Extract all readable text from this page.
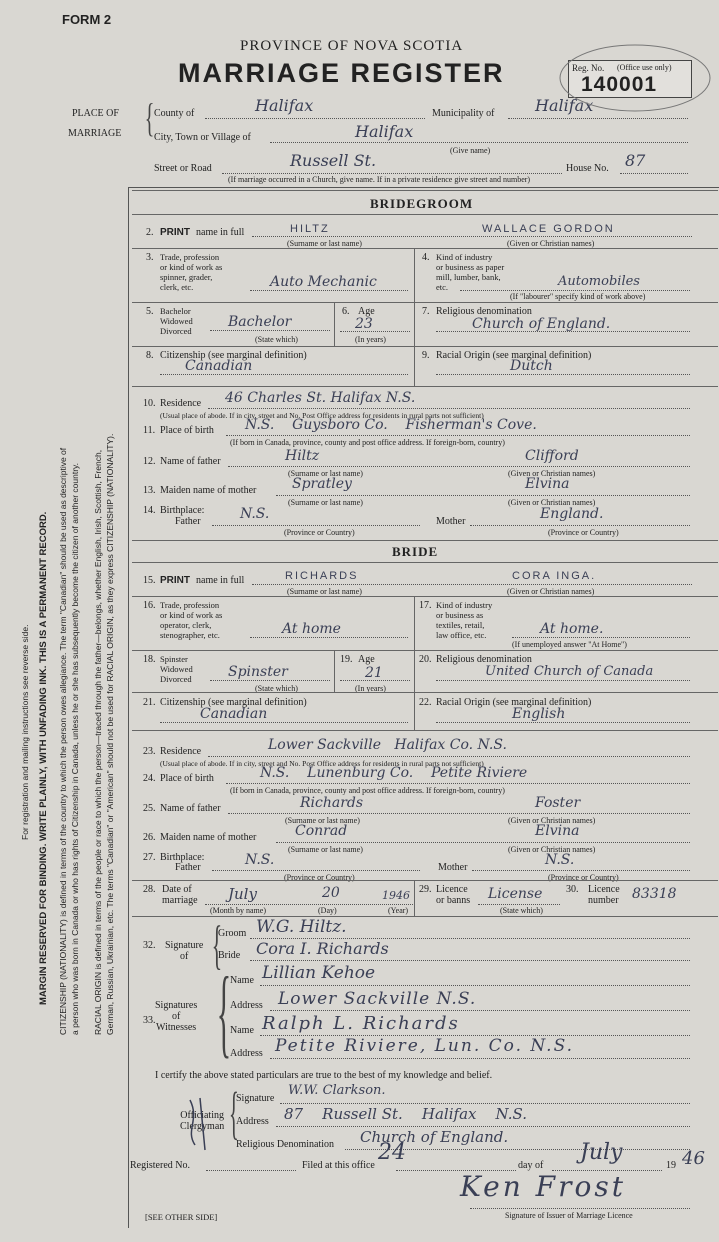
FORM 2
PROVINCE OF NOVA SCOTIA
MARRIAGE REGISTER	Reg. No. (Office use only)
140001
PLACE OF
MARRIAGE { County of	Halifax	Municipality of	Halifax
City, Town or Village of	Halifax
(Give name)
Street or Road	Russell St.	House No. 87
(If marriage occurred in a Church, give name. If in a private residence give street and number)
For registration and mailing instructions see reverse side. MARGIN RESERVED FOR BINDING. WRITE PLAINLY, WITH UNFADING INK. THIS IS A PERMANENT RECORD. CITIZENSHIP (NATIONALITY) is defined in terms of the country to which the person owes allegiance. The term "Canadian" should be used as descriptive of a person who was born in Canada or who has rights of Citizenship in Canada, unless he or she has subsequently become the citizen of another country. RACIAL ORIGIN is defined in terms of the people or race to which the person—traced through the father—belongs, whether English, Irish, Scottish, French, German, Russian, Ukrainian, etc. The terms "Canadian" or "American" should not be used for RACIAL ORIGIN, as they express CITIZENSHIP (NATIONALITY).
BRIDEGROOM
2. PRINT name in full	HILTZ	WALLACE GORDON
(Surname or last name)	(Given or Christian names)
3. Trade, profession
or kind of work as
spinner, grader,
clerk, etc.	Auto Mechanic
4. Kind of industry
or business as paper
mill, lumber, bank,
etc.	Automobiles
(If "labourer" specify kind of work above)
5. Bachelor
Widowed
Divorced
Bachelor
(State which)
6. Age
23
(In years)
7. Religious denomination
Church of England.
8. Citizenship (see marginal definition)
Canadian
9. Racial Origin (see marginal definition)
Dutch
10. Residence 46 Charles St. Halifax N.S.
(Usual place of abode. If in city, street and No. Post Office address for residents in rural parts not sufficient)
11. Place of birth N.S.    Guysboro Co.    Fisherman's Cove.
(If born in Canada, province, county and post office address. If foreign-born, country)
12. Name of father	Hiltz	Clifford
(Surname or last name)	(Given or Christian names)
13. Maiden name of mother	Spratley	Elvina
(Surname or last name)	(Given or Christian names)
14. Birthplace:
Father	N.S.	Mother	England.
(Province or Country)	(Province or Country)
BRIDE
15. PRINT name in full	RICHARDS	CORA INGA.
(Surname or last name)	(Given or Christian names)
16. Trade, profession
or kind of work as
operator, clerk,
stenographer, etc.	At home
17. Kind of industry
or business as
textiles, retail,
law office, etc.	At home.
(If unemployed answer "At Home")
18. Spinster
Widowed
Divorced	Spinster
(State which)
19. Age
21
(In years)
20. Religious denomination
United Church of Canada
21. Citizenship (see marginal definition)
Canadian
22. Racial Origin (see marginal definition)
English
23. Residence	Lower Sackville   Halifax Co. N.S.
(Usual place of abode. If in city, street and No. Post Office address for residents in rural parts not sufficient)
24. Place of birth	N.S.    Lunenburg Co.    Petite Riviere
(If born in Canada, province, county and post office address. If foreign-born, country)
25. Name of father	Richards	Foster
(Surname or last name)	(Given or Christian names)
26. Maiden name of mother	Conrad	Elvina
(Surname or last name)	(Given or Christian names)
27. Birthplace:
Father	N.S.	Mother	N.S.
(Province or Country)	(Province or Country)
28. Date of
marriage July	20	1946
(Month by name)	(Day)	(Year)
29. Licence
or banns License
(State which)
30. Licence
number 83318
32. Signature
of {
Groom W.G. Hiltz.
Bride Cora I. Richards
33.
Signatures
of
Witnesses {
Name Lillian Kehoe
Address Lower Sackville N.S.
Name Ralph L. Richards
Address Petite Riviere, Lun. Co. N.S.
I certify the above stated particulars are true to the best of my knowledge and belief.
Signature
W.W. Clarkson.
Officiating
Clergyman {
Address 87    Russell St.    Halifax    N.S.
Religious Denomination Church of England.
Registered No.	Filed at this office
24
day of
July
19 46
Ken Frost
Signature of Issuer of Marriage Licence
[SEE OTHER SIDE]
